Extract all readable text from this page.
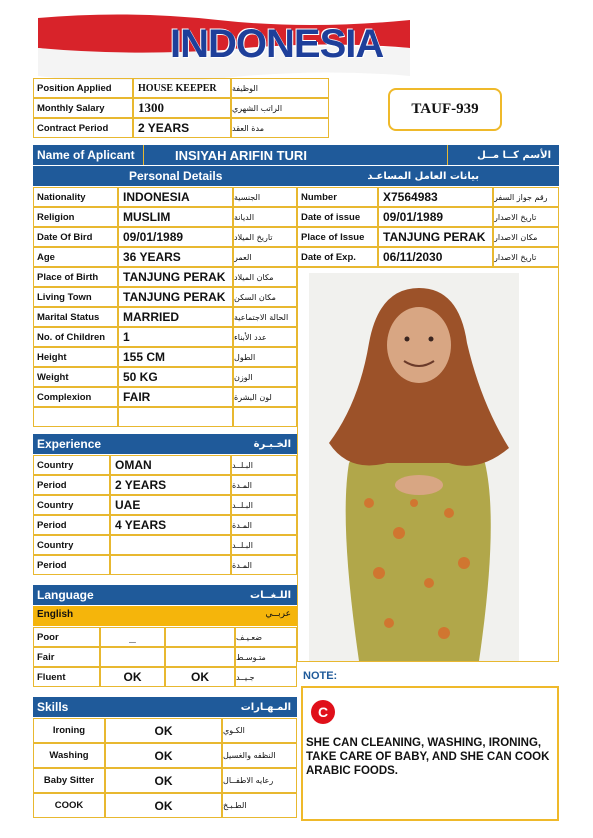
INDONESIA
TAUF-939
Position Applied	HOUSE KEEPER	الوظيفة
Monthly Salary	1300	الراتب الشهري
Contract Period	2 YEARS	مدة العقد
Name of Aplicant	INSIYAH ARIFIN TURI	الأسم كــا مــل
Personal Details	بيانات العامل المساعـد
Nationality	INDONESIA	الجنسية
Religion	MUSLIM	الديانة
Date Of Bird	09/01/1989	تاريخ الميلاد
Age	36 YEARS	العمر
Place of Birth	TANJUNG PERAK	مكان الميلاد
Living Town	TANJUNG PERAK	مكان السكن
Marital Status	MARRIED	الحالة الاجتماعية
No. of Children	1	عدد الأبناء
Height	155 CM	الطول
Weight	50 KG	الوزن
Complexion	FAIR	لون البشرة
Number	X7564983	رقم جواز السفر
Date of issue	09/01/1989	تاريخ الاصدار
Place of Issue	TANJUNG PERAK	مكان الاصدار
Date of Exp.	06/11/2030	تاريخ الاصدار
Experience	الخـبـرة
Country	OMAN	البـلــد
Period	2 YEARS	المـدة
Country	UAE	البـلــد
Period	4 YEARS	المـدة
Country	البـلــد
Period	المـدة
Language	اللـغــات
English	عربــي
Poor	_	ضعـيـف
Fair	متـوسـط
Fluent	OK	OK	جـيــد
Skills	المـهـارات
Ironing	OK	الكـوي
Washing	OK	النظفه والغسيل
Baby Sitter	OK	رعايه الاطفــال
COOK	OK	الطـبـخ
NOTE:
C
SHE CAN CLEANING, WASHING, IRONING, TAKE CARE OF BABY, AND SHE CAN COOK ARABIC FOODS.
